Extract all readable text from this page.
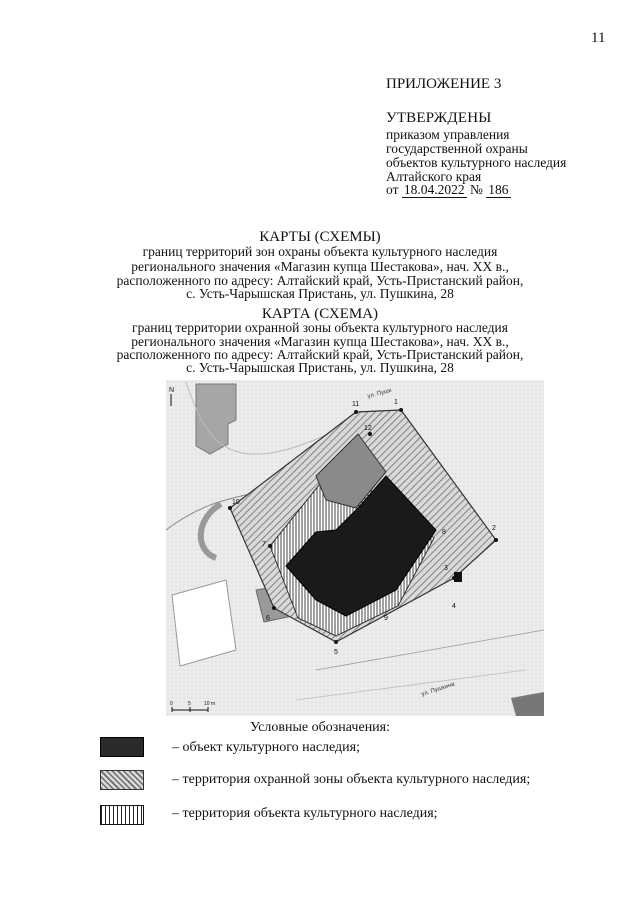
11
ПРИЛОЖЕНИЕ 3
УТВЕРЖДЕНЫ
приказом управления
государственной охраны
объектов культурного наследия
Алтайского края
от 18.04.2022 № 186
КАРТЫ (СХЕМЫ)
границ территорий зон охраны объекта культурного наследия
регионального значения «Магазин купца Шестакова», нач. XX в.,
расположенного по адресу: Алтайский край, Усть-Пристанский район,
с. Усть-Чарышская Пристань, ул. Пушкина, 28
КАРТА (СХЕМА)
границ территории охранной зоны объекта культурного наследия
регионального значения «Магазин купца Шестакова», нач. XX в.,
расположенного по адресу: Алтайский край, Усть-Пристанский район,
с. Усть-Чарышская Пристань, ул. Пушкина, 28
1
2
3
4
5
6
7
8
9
10
11
12
ул. Пушк
ул. Пушкина
N
0	5	10 m
Условные обозначения:
– объект культурного наследия;
– территория охранной зоны объекта культурного наследия;
– территория объекта культурного наследия;
